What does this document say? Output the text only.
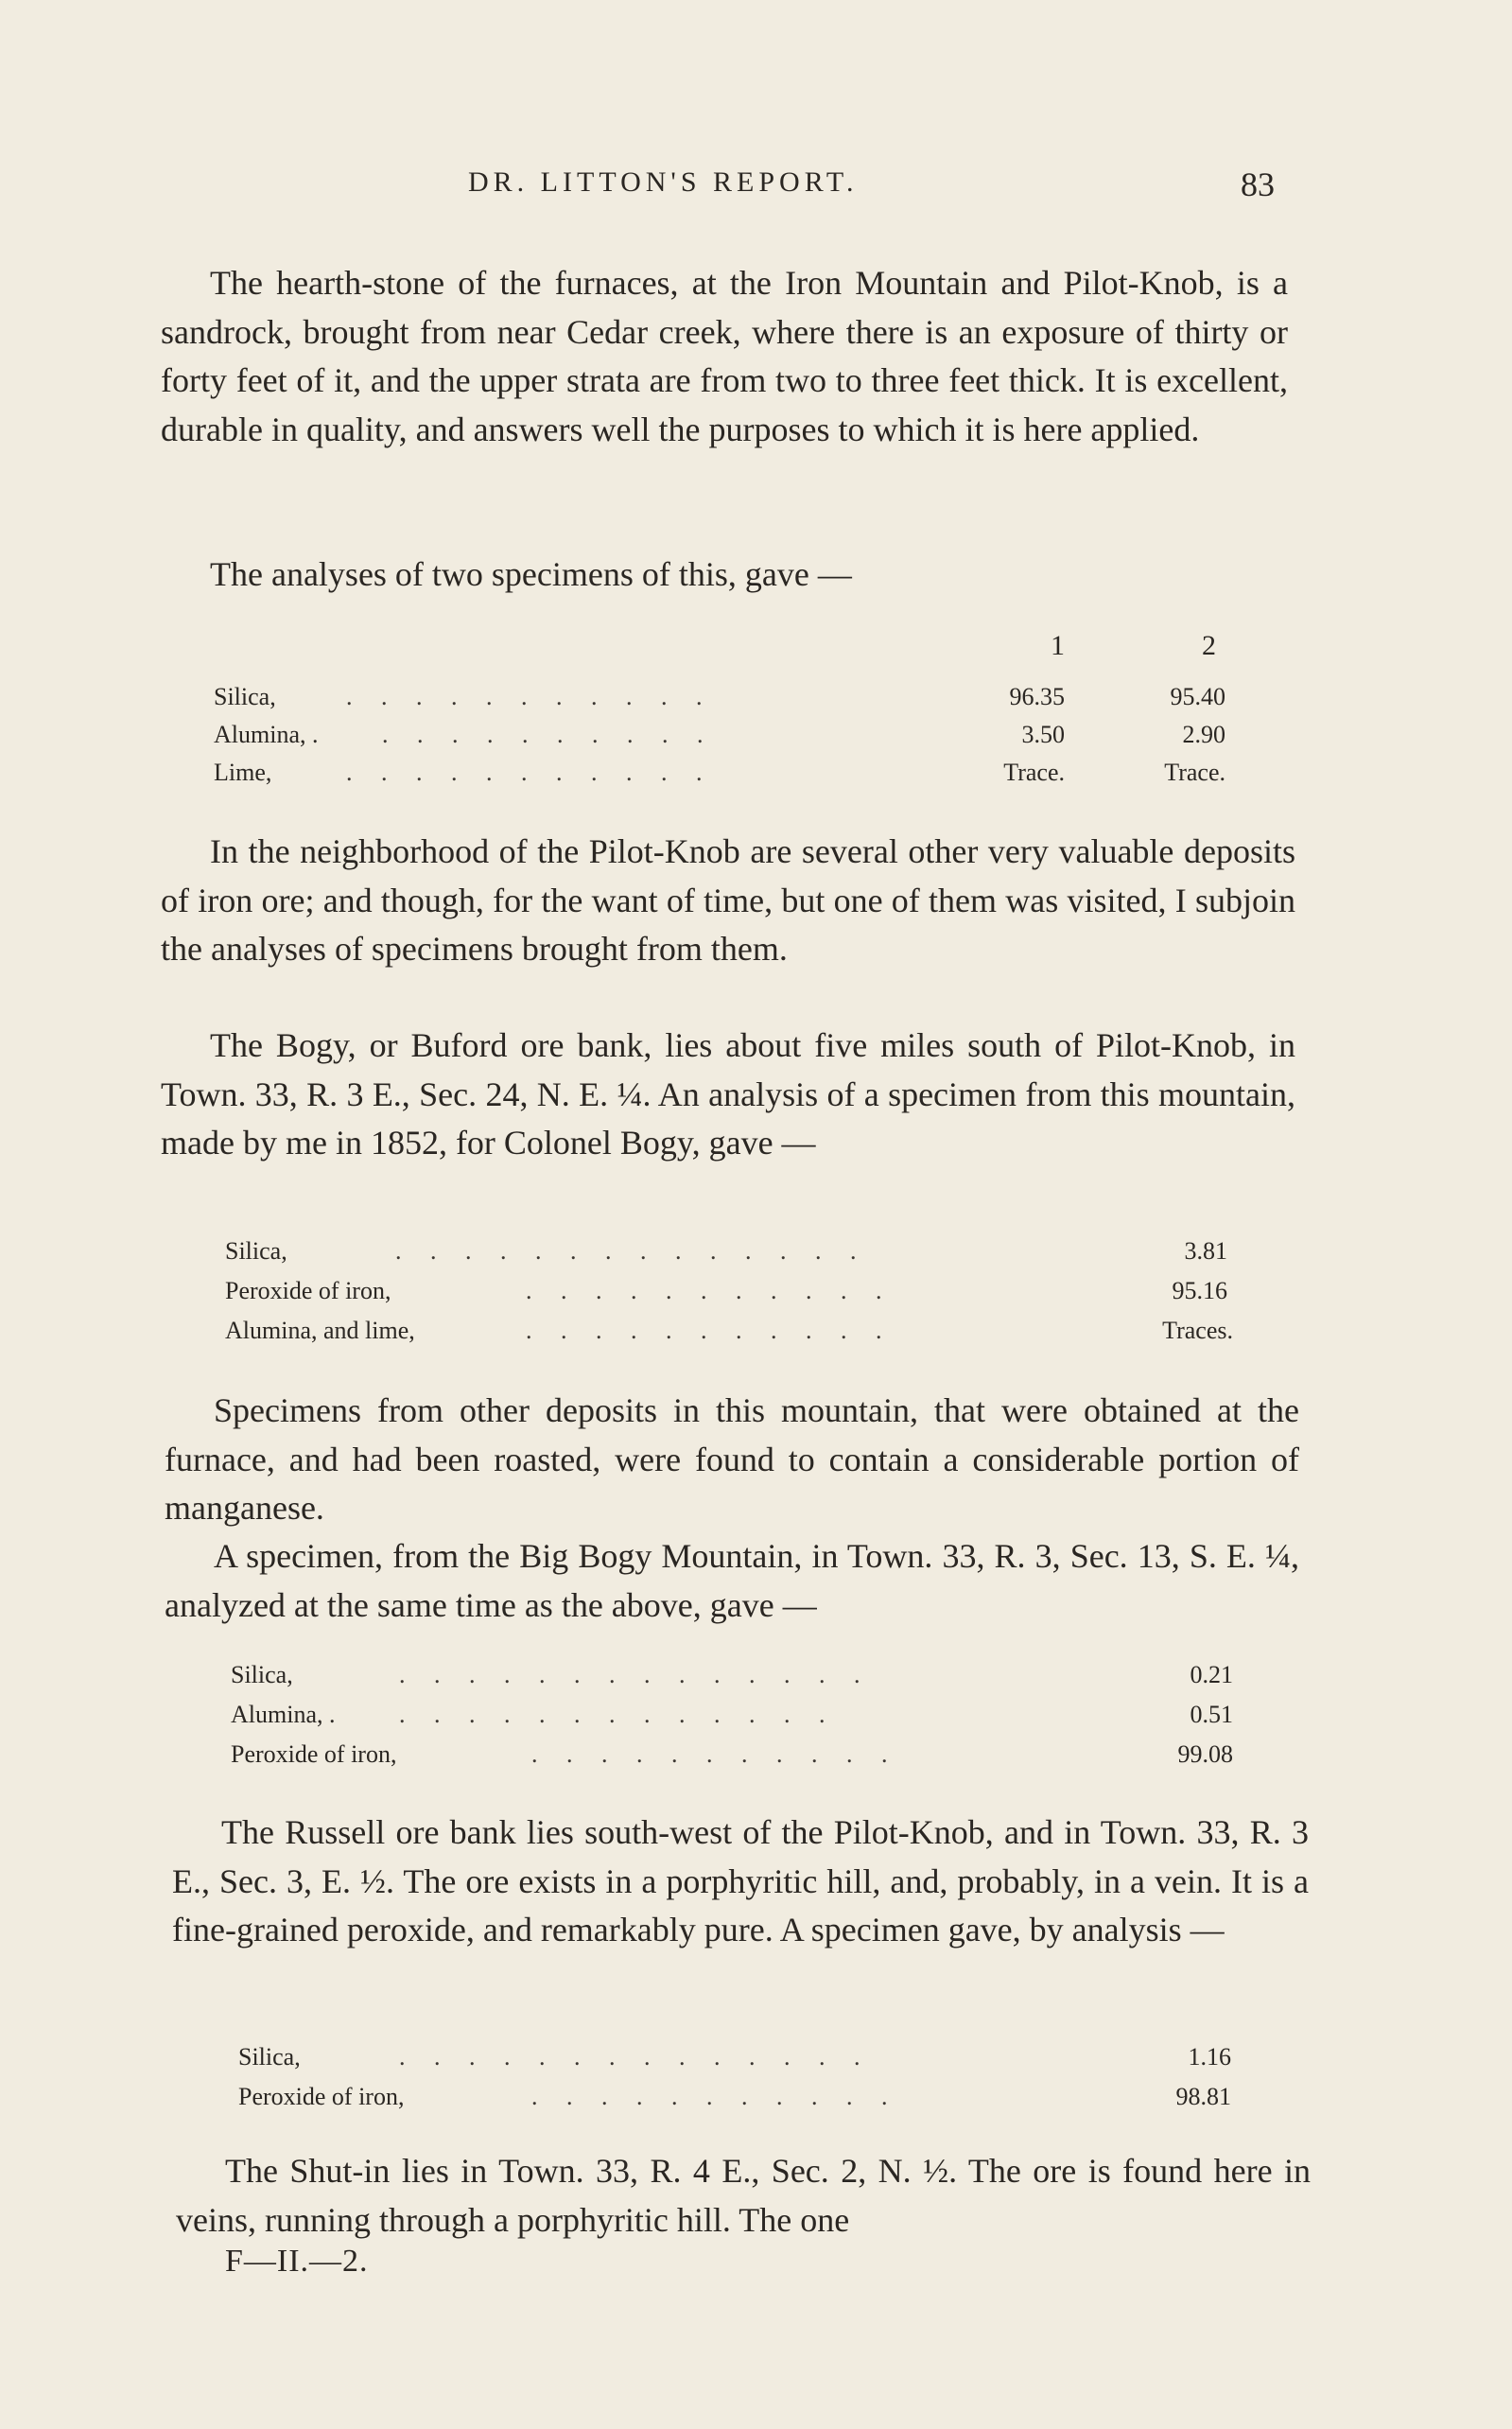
DR. LITTON'S REPORT.	83

The hearth-stone of the furnaces, at the Iron Mountain and Pilot-Knob, is a sandrock, brought from near Cedar creek, where there is an exposure of thirty or forty feet of it, and the upper strata are from two to three feet thick. It is excellent, durable in quality, and answers well the purposes to which it is here applied.

The analyses of two specimens of this, gave —

1	2
Silica,	. . . . . . . . . . .	96.35	95.40
Alumina, .	. . . . . . . . . .	3.50	2.90
Lime,	. . . . . . . . . . .	Trace.	Trace.

In the neighborhood of the Pilot-Knob are several other very valuable deposits of iron ore; and though, for the want of time, but one of them was visited, I subjoin the analyses of specimens brought from them.

The Bogy, or Buford ore bank, lies about five miles south of Pilot-Knob, in Town. 33, R. 3 E., Sec. 24, N. E. ¼. An analysis of a specimen from this mountain, made by me in 1852, for Colonel Bogy, gave —

Silica,	. . . . . . . . . . . . . .	3.81
Peroxide of iron,	. . . . . . . . . . .	95.16
Alumina, and lime,	. . . . . . . . . . .	Traces.

Specimens from other deposits in this mountain, that were obtained at the furnace, and had been roasted, were found to contain a considerable portion of manganese.

A specimen, from the Big Bogy Mountain, in Town. 33, R. 3, Sec. 13, S. E. ¼, analyzed at the same time as the above, gave —

Silica,	. . . . . . . . . . . . . .	0.21
Alumina, .	. . . . . . . . . . . . .	0.51
Peroxide of iron,	. . . . . . . . . . .	99.08

The Russell ore bank lies south-west of the Pilot-Knob, and in Town. 33, R. 3 E., Sec. 3, E. ½. The ore exists in a porphyritic hill, and, probably, in a vein. It is a fine-grained peroxide, and remarkably pure. A specimen gave, by analysis —

Silica,	. . . . . . . . . . . . . .	1.16
Peroxide of iron,	. . . . . . . . . . .	98.81

The Shut-in lies in Town. 33, R. 4 E., Sec. 2, N. ½. The ore is found here in veins, running through a porphyritic hill. The one

F—II.—2.
